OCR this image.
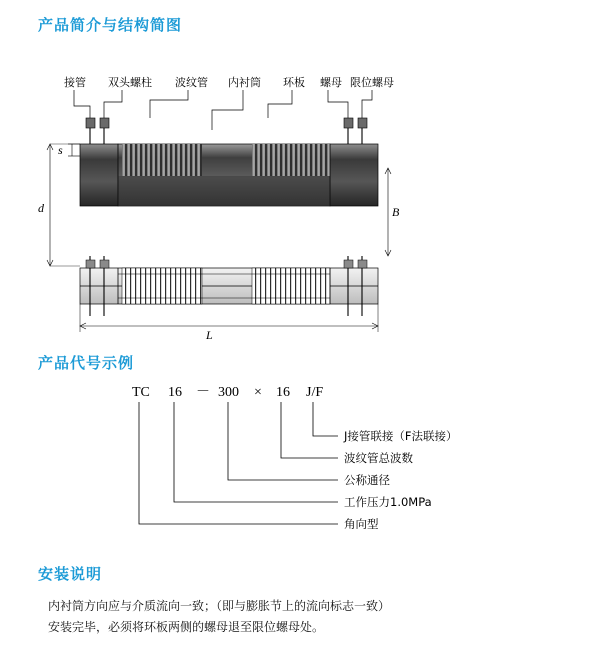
产品简介与结构简图
接管 双头螺柱 波纹管 内衬筒 环板 螺母 限位螺母
s
d	B
L
产品代号示例
TC 16 － 300 × 16 J/F
J接管联接（F法联接）
波纹管总波数
公称通径
工作压力1.0MPa
角向型
安装说明
内衬筒方向应与介质流向一致；（即与膨胀节上的流向标志一致）
安装完毕，必须将环板两侧的螺母退至限位螺母处。
